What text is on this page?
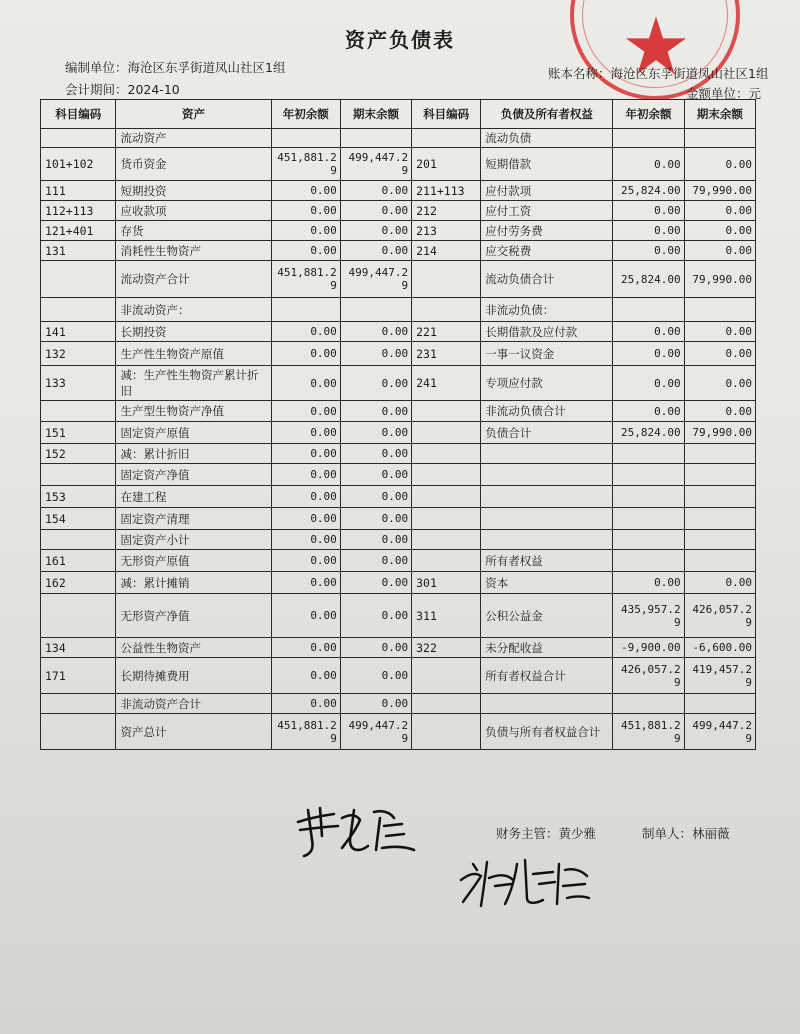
资产负债表
编制单位：海沧区东孚街道凤山社区1组
会计期间：2024-10
账本名称：海沧区东孚街道凤山社区1组
金额单位：元
科目编码	资产	年初余额	期末余额	科目编码	负债及所有者权益	年初余额	期末余额
	流动资产				流动负债		
101+102	货币资金	451,881.29	499,447.29	201	短期借款	0.00	0.00
111	短期投资	0.00	0.00	211+113	应付款项	25,824.00	79,990.00
112+113	应收款项	0.00	0.00	212	应付工资	0.00	0.00
121+401	存货	0.00	0.00	213	应付劳务费	0.00	0.00
131	消耗性生物资产	0.00	0.00	214	应交税费	0.00	0.00
	流动资产合计	451,881.29	499,447.29		流动负债合计	25,824.00	79,990.00
	非流动资产：				非流动负债：		
141	长期投资	0.00	0.00	221	长期借款及应付款	0.00	0.00
132	生产性生物资产原值	0.00	0.00	231	一事一议资金	0.00	0.00
133	减：生产性生物资产累计折旧	0.00	0.00	241	专项应付款	0.00	0.00
	生产型生物资产净值	0.00	0.00		非流动负债合计	0.00	0.00
151	固定资产原值	0.00	0.00		负债合计	25,824.00	79,990.00
152	减：累计折旧	0.00	0.00				
	固定资产净值	0.00	0.00				
153	在建工程	0.00	0.00				
154	固定资产清理	0.00	0.00				
	固定资产小计	0.00	0.00				
161	无形资产原值	0.00	0.00		所有者权益		
162	减：累计摊销	0.00	0.00	301	资本	0.00	0.00
	无形资产净值	0.00	0.00	311	公积公益金	435,957.29	426,057.29
134	公益性生物资产	0.00	0.00	322	未分配收益	-9,900.00	-6,600.00
171	长期待摊费用	0.00	0.00		所有者权益合计	426,057.29	419,457.29
	非流动资产合计	0.00	0.00				
	资产总计	451,881.29	499,447.29		负债与所有者权益合计	451,881.29	499,447.29
财务主管：黄少雅	制单人：林丽薇
